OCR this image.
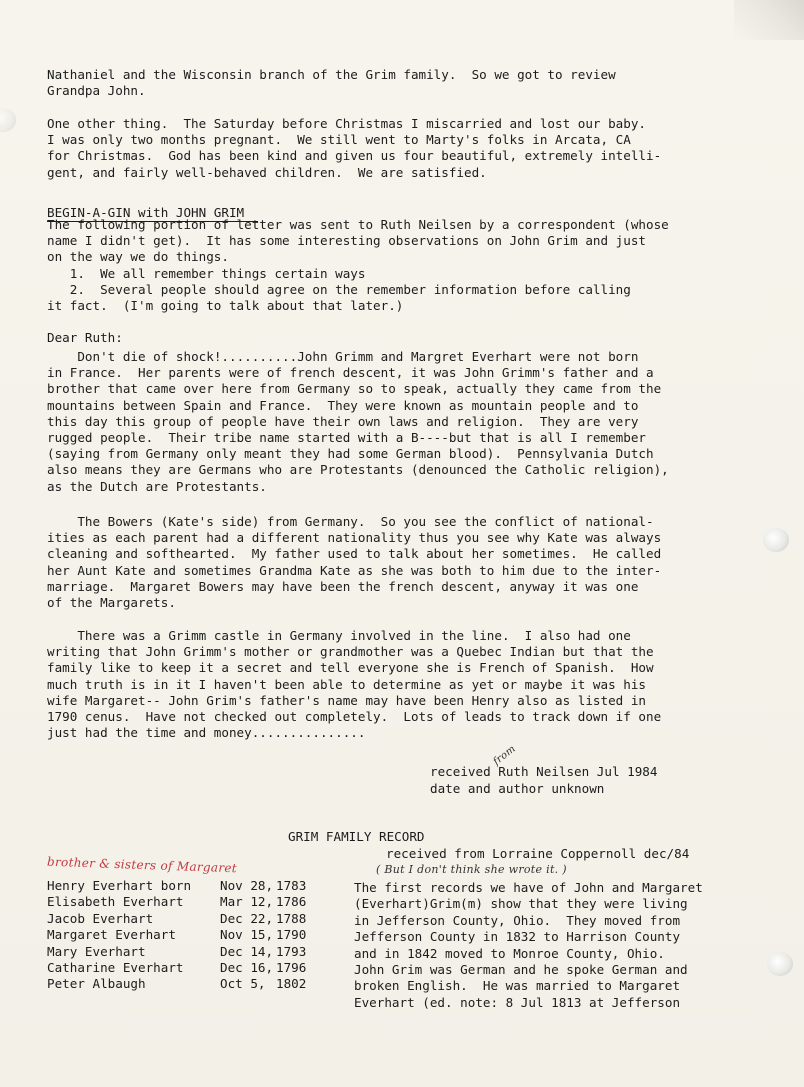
Nathaniel and the Wisconsin branch of the Grim family.  So we got to review
Grandpa John.
One other thing.  The Saturday before Christmas I miscarried and lost our baby.
I was only two months pregnant.  We still went to Marty's folks in Arcata, CA
for Christmas.  God has been kind and given us four beautiful, extremely intelli-
gent, and fairly well-behaved children.  We are satisfied.
BEGIN-A-GIN with JOHN GRIM
The following portion of letter was sent to Ruth Neilsen by a correspondent (whose
name I didn't get).  It has some interesting observations on John Grim and just
on the way we do things.
1.  We all remember things certain ways
2.  Several people should agree on the remember information before calling
it fact.  (I'm going to talk about that later.)
Dear Ruth:
Don't die of shock!..........John Grimm and Margret Everhart were not born
in France.  Her parents were of french descent, it was John Grimm's father and a
brother that came over here from Germany so to speak, actually they came from the
mountains between Spain and France.  They were known as mountain people and to
this day this group of people have their own laws and religion.  They are very
rugged people.  Their tribe name started with a B----but that is all I remember
(saying from Germany only meant they had some German blood).  Pennsylvania Dutch
also means they are Germans who are Protestants (denounced the Catholic religion),
as the Dutch are Protestants.
The Bowers (Kate's side) from Germany.  So you see the conflict of national-
ities as each parent had a different nationality thus you see why Kate was always
cleaning and softhearted.  My father used to talk about her sometimes.  He called
her Aunt Kate and sometimes Grandma Kate as she was both to him due to the inter-
marriage.  Margaret Bowers may have been the french descent, anyway it was one
of the Margarets.
There was a Grimm castle in Germany involved in the line.  I also had one
writing that John Grimm's mother or grandmother was a Quebec Indian but that the
family like to keep it a secret and tell everyone she is French of Spanish.  How
much truth is in it I haven't been able to determine as yet or maybe it was his
wife Margaret-- John Grim's father's name may have been Henry also as listed in
1790 cenus.  Have not checked out completely.  Lots of leads to track down if one
just had the time and money...............
from
received Ruth Neilsen Jul 1984
date and author unknown
GRIM FAMILY RECORD
received from Lorraine Coppernoll dec/84
( But I don't think she wrote it. )
brother & sisters of Margaret
Henry Everhart born	Nov 28,	1783
Elisabeth Everhart	Mar 12,	1786
Jacob Everhart	Dec 22,	1788
Margaret Everhart	Nov 15,	1790
Mary Everhart	Dec 14,	1793
Catharine Everhart	Dec 16,	1796
Peter Albaugh	Oct 5,	1802
The first records we have of John and Margaret
(Everhart)Grim(m) show that they were living
in Jefferson County, Ohio.  They moved from
Jefferson County in 1832 to Harrison County
and in 1842 moved to Monroe County, Ohio.
John Grim was German and he spoke German and
broken English.  He was married to Margaret
Everhart (ed. note: 8 Jul 1813 at Jefferson
